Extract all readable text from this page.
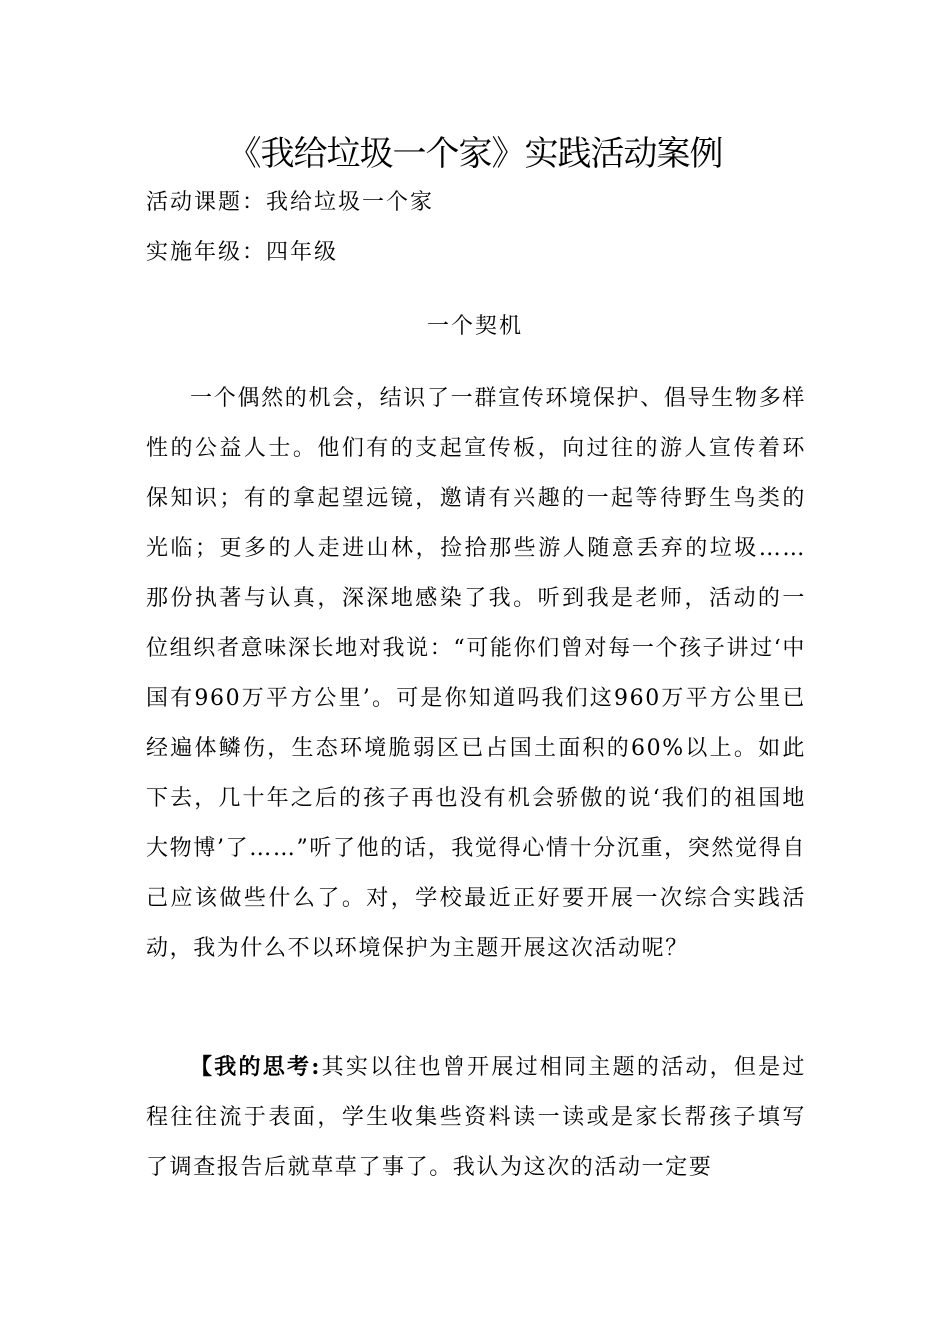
《我给垃圾一个家》实践活动案例
活动课题：我给垃圾一个家
实施年级：四年级
一个契机

一个偶然的机会，结识了一群宣传环境保护、倡导生物多样性的公益人士。他们有的支起宣传板，向过往的游人宣传着环保知识；有的拿起望远镜，邀请有兴趣的一起等待野生鸟类的光临；更多的人走进山林，捡拾那些游人随意丢弃的垃圾……那份执著与认真，深深地感染了我。听到我是老师，活动的一位组织者意味深长地对我说：“可能你们曾对每一个孩子讲过‘中国有960万平方公里’。可是你知道吗我们这960万平方公里已经遍体鳞伤，生态环境脆弱区已占国土面积的60%以上。如此下去，几十年之后的孩子再也没有机会骄傲的说‘我们的祖国地大物博’了……”听了他的话，我觉得心情十分沉重，突然觉得自己应该做些什么了。对，学校最近正好要开展一次综合实践活动，我为什么不以环境保护为主题开展这次活动呢？

【我的思考:其实以往也曾开展过相同主题的活动，但是过程往往流于表面，学生收集些资料读一读或是家长帮孩子填写了调查报告后就草草了事了。我认为这次的活动一定要
